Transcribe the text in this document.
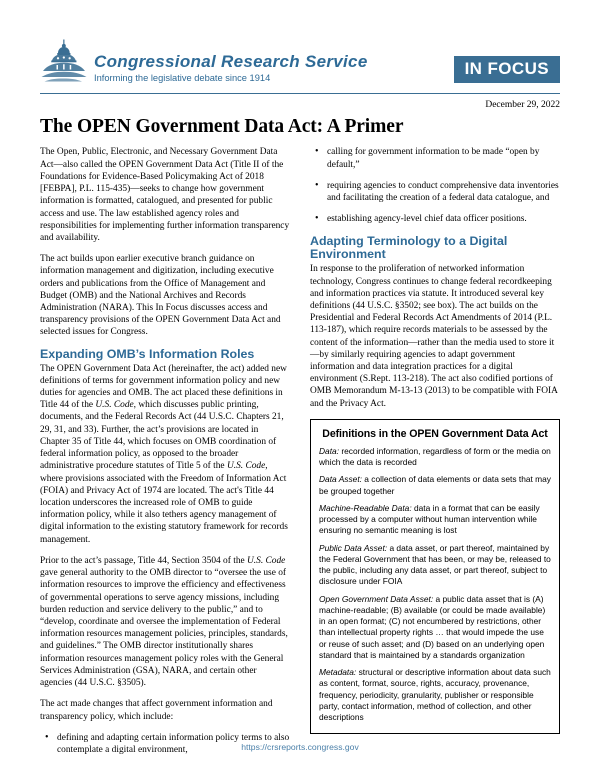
Congressional Research Service
Informing the legislative debate since 1914	IN FOCUS
December 29, 2022
The OPEN Government Data Act: A Primer

The Open, Public, Electronic, and Necessary Government Data Act—also called the OPEN Government Data Act (Title II of the Foundations for Evidence-Based Policymaking Act of 2018 [FEBPA], P.L. 115-435)—seeks to change how government information is formatted, catalogued, and presented for public access and use. The law established agency roles and responsibilities for implementing further information transparency and availability.

The act builds upon earlier executive branch guidance on information management and digitization, including executive orders and publications from the Office of Management and Budget (OMB) and the National Archives and Records Administration (NARA). This In Focus discusses access and transparency provisions of the OPEN Government Data Act and selected issues for Congress.

Expanding OMB’s Information Roles

The OPEN Government Data Act (hereinafter, the act) added new definitions of terms for government information policy and new duties for agencies and OMB. The act placed these definitions in Title 44 of the U.S. Code, which discusses public printing, documents, and the Federal Records Act (44 U.S.C. Chapters 21, 29, 31, and 33). Further, the act’s provisions are located in Chapter 35 of Title 44, which focuses on OMB coordination of federal information policy, as opposed to the broader administrative procedure statutes of Title 5 of the U.S. Code, where provisions associated with the Freedom of Information Act (FOIA) and Privacy Act of 1974 are located. The act's Title 44 location underscores the increased role of OMB to guide information policy, while it also tethers agency management of digital information to the existing statutory framework for records management.

Prior to the act’s passage, Title 44, Section 3504 of the U.S. Code gave general authority to the OMB director to “oversee the use of information resources to improve the efficiency and effectiveness of governmental operations to serve agency missions, including burden reduction and service delivery to the public,” and to “develop, coordinate and oversee the implementation of Federal information resources management policies, principles, standards, and guidelines.” The OMB director institutionally shares information resources management policy roles with the General Services Administration (GSA), NARA, and certain other agencies (44 U.S.C. §3505).

The act made changes that affect government information and transparency policy, which include:

• defining and adapting certain information policy terms to also contemplate a digital environment,
• calling for government information to be made “open by default,”
• requiring agencies to conduct comprehensive data inventories and facilitating the creation of a federal data catalogue, and
• establishing agency-level chief data officer positions.
Adapting Terminology to a Digital Environment

In response to the proliferation of networked information technology, Congress continues to change federal recordkeeping and information practices via statute. It introduced several key definitions (44 U.S.C. §3502; see box). The act builds on the Presidential and Federal Records Act Amendments of 2014 (P.L. 113-187), which require records materials to be assessed by the content of the information—rather than the media used to store it—by similarly requiring agencies to adapt government information and data integration practices for a digital environment (S.Rept. 113-218). The act also codified portions of OMB Memorandum M-13-13 (2013) to be compatible with FOIA and the Privacy Act.

Definitions in the OPEN Government Data Act

Data: recorded information, regardless of form or the media on which the data is recorded

Data Asset: a collection of data elements or data sets that may be grouped together

Machine-Readable Data: data in a format that can be easily processed by a computer without human intervention while ensuring no semantic meaning is lost

Public Data Asset: a data asset, or part thereof, maintained by the Federal Government that has been, or may be, released to the public, including any data asset, or part thereof, subject to disclosure under FOIA

Open Government Data Asset: a public data asset that is (A) machine-readable; (B) available (or could be made available) in an open format; (C) not encumbered by restrictions, other than intellectual property rights … that would impede the use or reuse of such asset; and (D) based on an underlying open standard that is maintained by a standards organization

Metadata: structural or descriptive information about data such as content, format, source, rights, accuracy, provenance, frequency, periodicity, granularity, publisher or responsible party, contact information, method of collection, and other descriptions

https://crsreports.congress.gov
